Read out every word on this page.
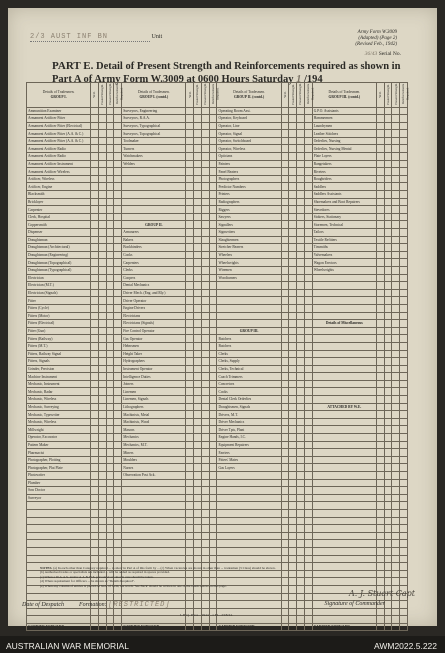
2/3 AUST INF BN	Unit
Army Form W.3009
(Adapted) (Page 2)
(Revised Feb., 1942)
36/43 Serial No.
PART E. Detail of Present Strength and Reinforcements required as shown in
Part A of Army Form W.3009 at 0600 Hours Saturday 1 /194
Details of Tradesmen.
GROUP I.	W.O.	Posted Strength.	Present Strength.	Reinforcements Required.	Details of Tradesmen.
GROUP I. (contd.)	W.O.	Posted Strength.	Present Strength.	Reinforcements Required.	Details of Tradesmen.
GROUP II. (contd.)	W.O.	Posted Strength.	Present Strength.	Reinforcements Required.	Details of Tradesmen.
GROUP III. (contd.)	W.O.	Posted Strength.	Present Strength.	Reinforcements Required.
Ammunition Examiner					Surveyors, Engineering					Operating Room Asst.					G.P.O. Assistants				
Armament Artificer Fitter					Surveyors, R.A.A.					Operator, Keyboard					Hammermen				
Armament Artificer Fitter (Electrical)					Surveyors, Typographical					Operator, Line					Laundrymen				
Armament Artificer Fitter (A.A. & C.)					Surveyors, Topographical					Operator, Signal					Leather Stitchers				
Armament Artificer Fitter (A.A. & C.)					Toolmaker					Operator, Switchboard					Orderlies, Nursing				
Armament Artificer Radio					Turners					Operator, Wireless					Orderlies, Nursing Mental				
Armament Artificer Radio					Watchmakers					Opticians					Plate Layers				
Armament Artificer Instrument					Welders					Painters					Rangetakers				
Armament Artificer Wireless										Panel Beaters					Riveters				
Artificer, Wireless										Photographers					Roughriders				
Artificer, Engine										Predictor Numbers					Saddlers				
Blacksmith										Printers					Saddlers Assistants				
Bricklayer										Radiographers					Shoemakers and Boot Repairers				
Carpenter										Riggers					Stevedores				
Clerk, Hospital										Sawyers					Stokers, Stationary				
Coppersmith					GROUP II.					Signallers					Storemen, Technical				
Dispenser					Armourers					Signwriters					Tailors				
Draughtsman					Bakers					Slaughtermen					Textile Refitters				
Draughtsman (Architectural)					Bookbinders					Stretcher Bearers					Tinsmiths				
Draughtsman (Engineering)					Cooks					Wheelers					Valvemakers				
Draughtsman (Topographical)					Carpenters					Wheelwrights					Wagon Erectors				
Draughtsman (Typographical)					Clerks					Wiremen					Wheelwrights				
Electrician					Coopers					Woodturners									
Electrician (M.T.)					Dental Mechanics														
Electrician (Signals)					Driver Mech. (Eng. and Rly.)														
Fitter					Driver Operator														
Fitters (Cycle)					Engine Drivers														
Fitters (Motor)					Electricians														
Fitters (Electrical)					Electricians (Signals)										Details of Miscellaneous				
Fitter (Gun)					Fire Control Operator					GROUP III.									
Fitters (Railway)					Gas Operator					Butchers									
Fitters (M.T.)					Helmsmen					Butchers									
Fitters, Railway Signal					Height Taker					Clerks									
Fitters, Signals					Hydrographers					Clerks, Supply									
Grinder, Precision					Instrument Operator					Clerks, Technical									
Machine Instrument					Intelligence Duties					Coach Trimmers									
Mechanic, Instrument					Joiners					Concretors									
Mechanic, Radar					Linemen					Cooks									
Mechanic, Wireless					Linemen, Signals					Dental Clerk Orderlies									
Mechanic, Surveying					Lithographers					Draughtsmen, Signals					ATTACHED BY W.E.				
Mechanic, Typewriter					Machinists, Metal					Drivers, M.T.									
Mechanic, Wireless					Machinists, Wood					Driver Mechanics									
Millwright					Masons					Driver Tpts, Plant									
Operator, Excavator					Mechanics					Engine Hands, I.C.									
Pattern Maker					Mechanics, M.T.					Equipment Repairers									
Pharmacist					Miners					Farriers									
Photographer, Plotting					Moulders					Fitters' Mates									
Photographer, Plat Plate					Nurses					Gas Layers									
Photowriter					Observation Post Ack.														
Plumber																			
Saw Doctor																			
Surveyor																			

CARRIED FORWARD					CARRIED FORWARD					CARRIED FORWARD					CARRIED FORWARD				

NOTES. (a) In each other than Category required ... to show in Part A of this form by ... (c) When vacancies are shown in other than ... tradesmen (3 Class) should be shown.

(b) Authorised trades or specialists are included ... will be added as required in spaces provided.

(c) When a W.A.A.S. and/or A.A.N.W.S. personnel are shown care should be taken.

(d) When requirement for Officers ... be shown as "Details Required".

(e) When any column of entries is placed on back of form, the words 'See Back' should be written in one of the blank spaces on this page.

A. J. Stuart Capt
Date of Despatch	Formation: [RESTRICTED]	Signature of Commander
L.H.Q. Press—2944—1 M—23/8/44.
AUSTRALIAN WAR MEMORIAL	AWM2022.5.222
